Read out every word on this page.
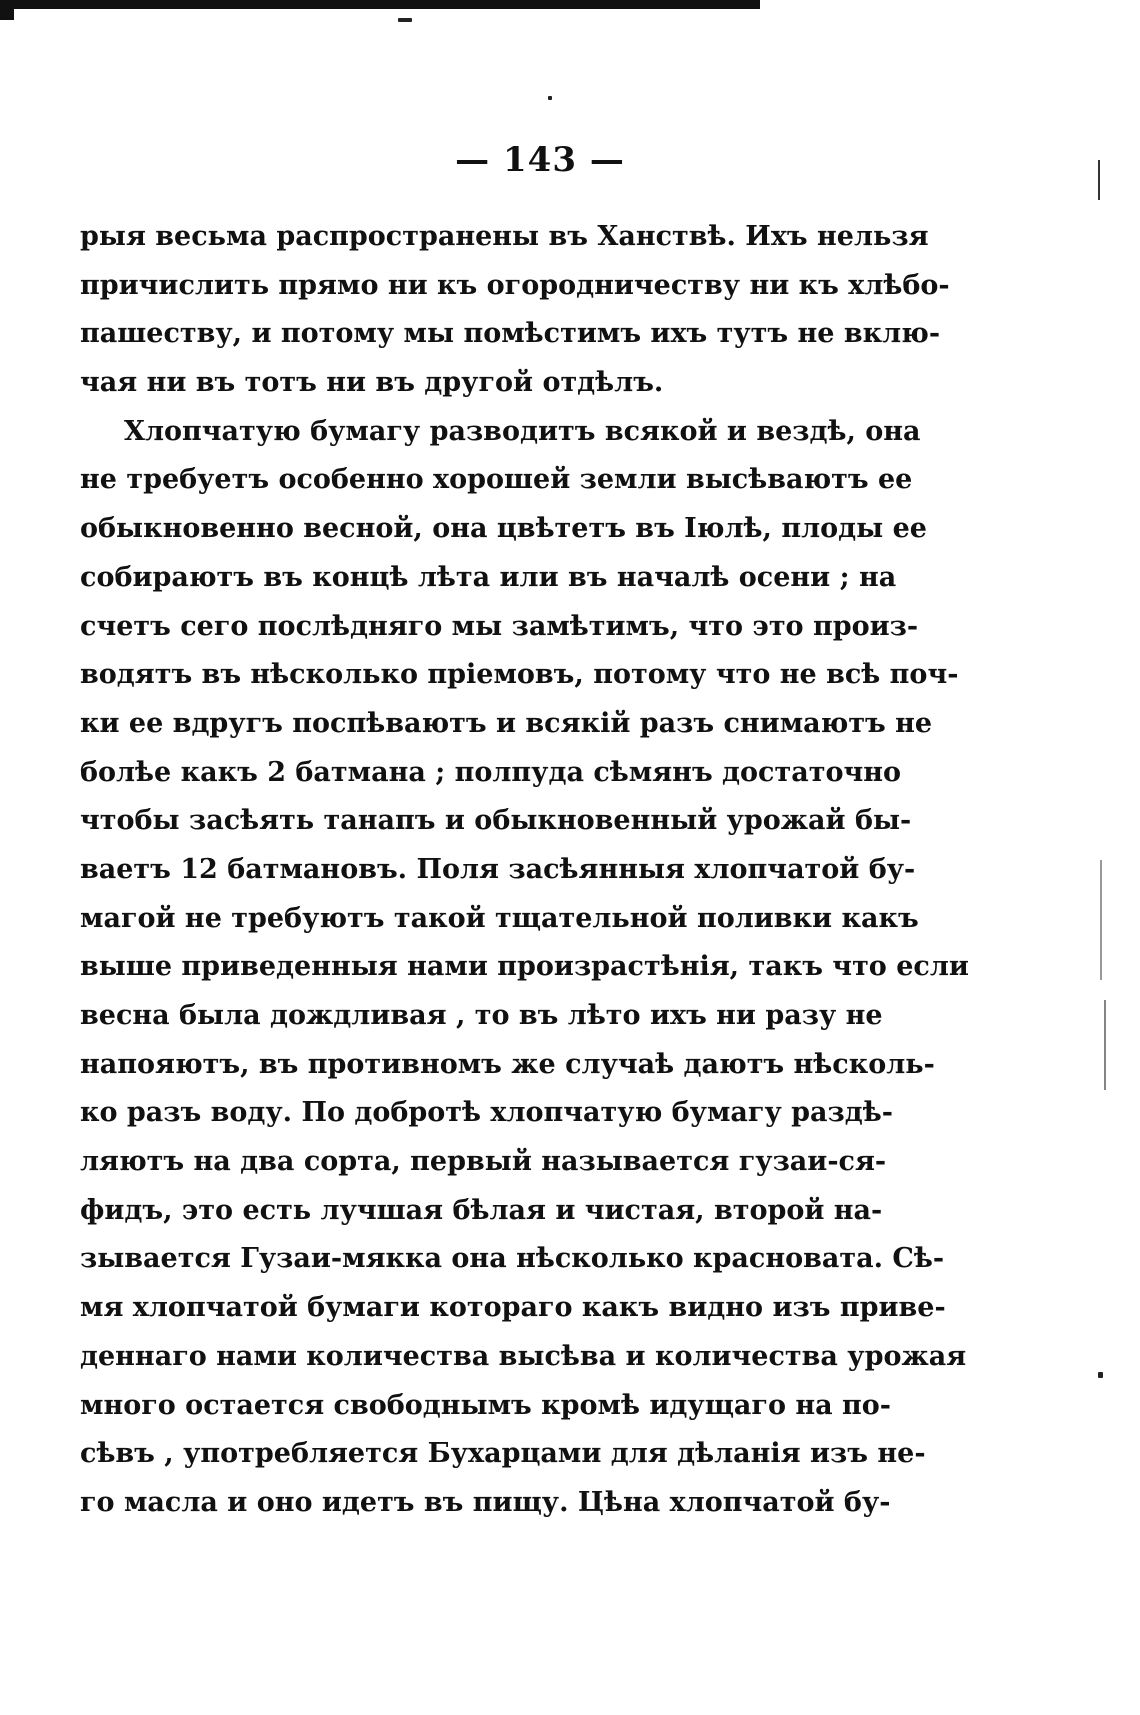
— 143 —
рыя весьма распространены въ Ханствѣ. Ихъ нельзя
причислить прямо ни къ огородничеству ни къ хлѣбо-
пашеству, и потому мы помѣстимъ ихъ тутъ не вклю-
чая ни въ тотъ ни въ другой отдѣлъ.
Хлопчатую бумагу разводитъ всякой и вездѣ, она
не требуетъ особенно хорошей земли высѣваютъ ее
обыкновенно весной, она цвѣтетъ въ Іюлѣ, плоды ее
собираютъ въ концѣ лѣта или въ началѣ осени ; на
счетъ сего послѣдняго мы замѣтимъ, что это произ-
водятъ въ нѣсколько пріемовъ, потому что не всѣ поч-
ки ее вдругъ поспѣваютъ и всякій разъ снимаютъ не
болѣе какъ 2 батмана ; полпуда сѣмянъ достаточно
чтобы засѣять танапъ и обыкновенный урожай бы-
ваетъ 12 батмановъ. Поля засѣянныя хлопчатой бу-
магой не требуютъ такой тщательной поливки какъ
выше приведенныя нами произрастѣнія, такъ что если
весна была дождливая , то въ лѣто ихъ ни разу не
напояютъ, въ противномъ же случаѣ даютъ нѣсколь-
ко разъ воду. По добротѣ хлопчатую бумагу раздѣ-
ляютъ на два сорта, первый называется гузаи-ся-
фидъ, это есть лучшая бѣлая и чистая, второй на-
зывается Гузаи-мякка она нѣсколько красновата. Сѣ-
мя хлопчатой бумаги котораго какъ видно изъ приве-
деннаго нами количества высѣва и количества урожая
много остается свободнымъ кромѣ идущаго на по-
сѣвъ , употребляется Бухарцами для дѣланія изъ не-
го масла и оно идетъ въ пищу. Цѣна хлопчатой бу-
